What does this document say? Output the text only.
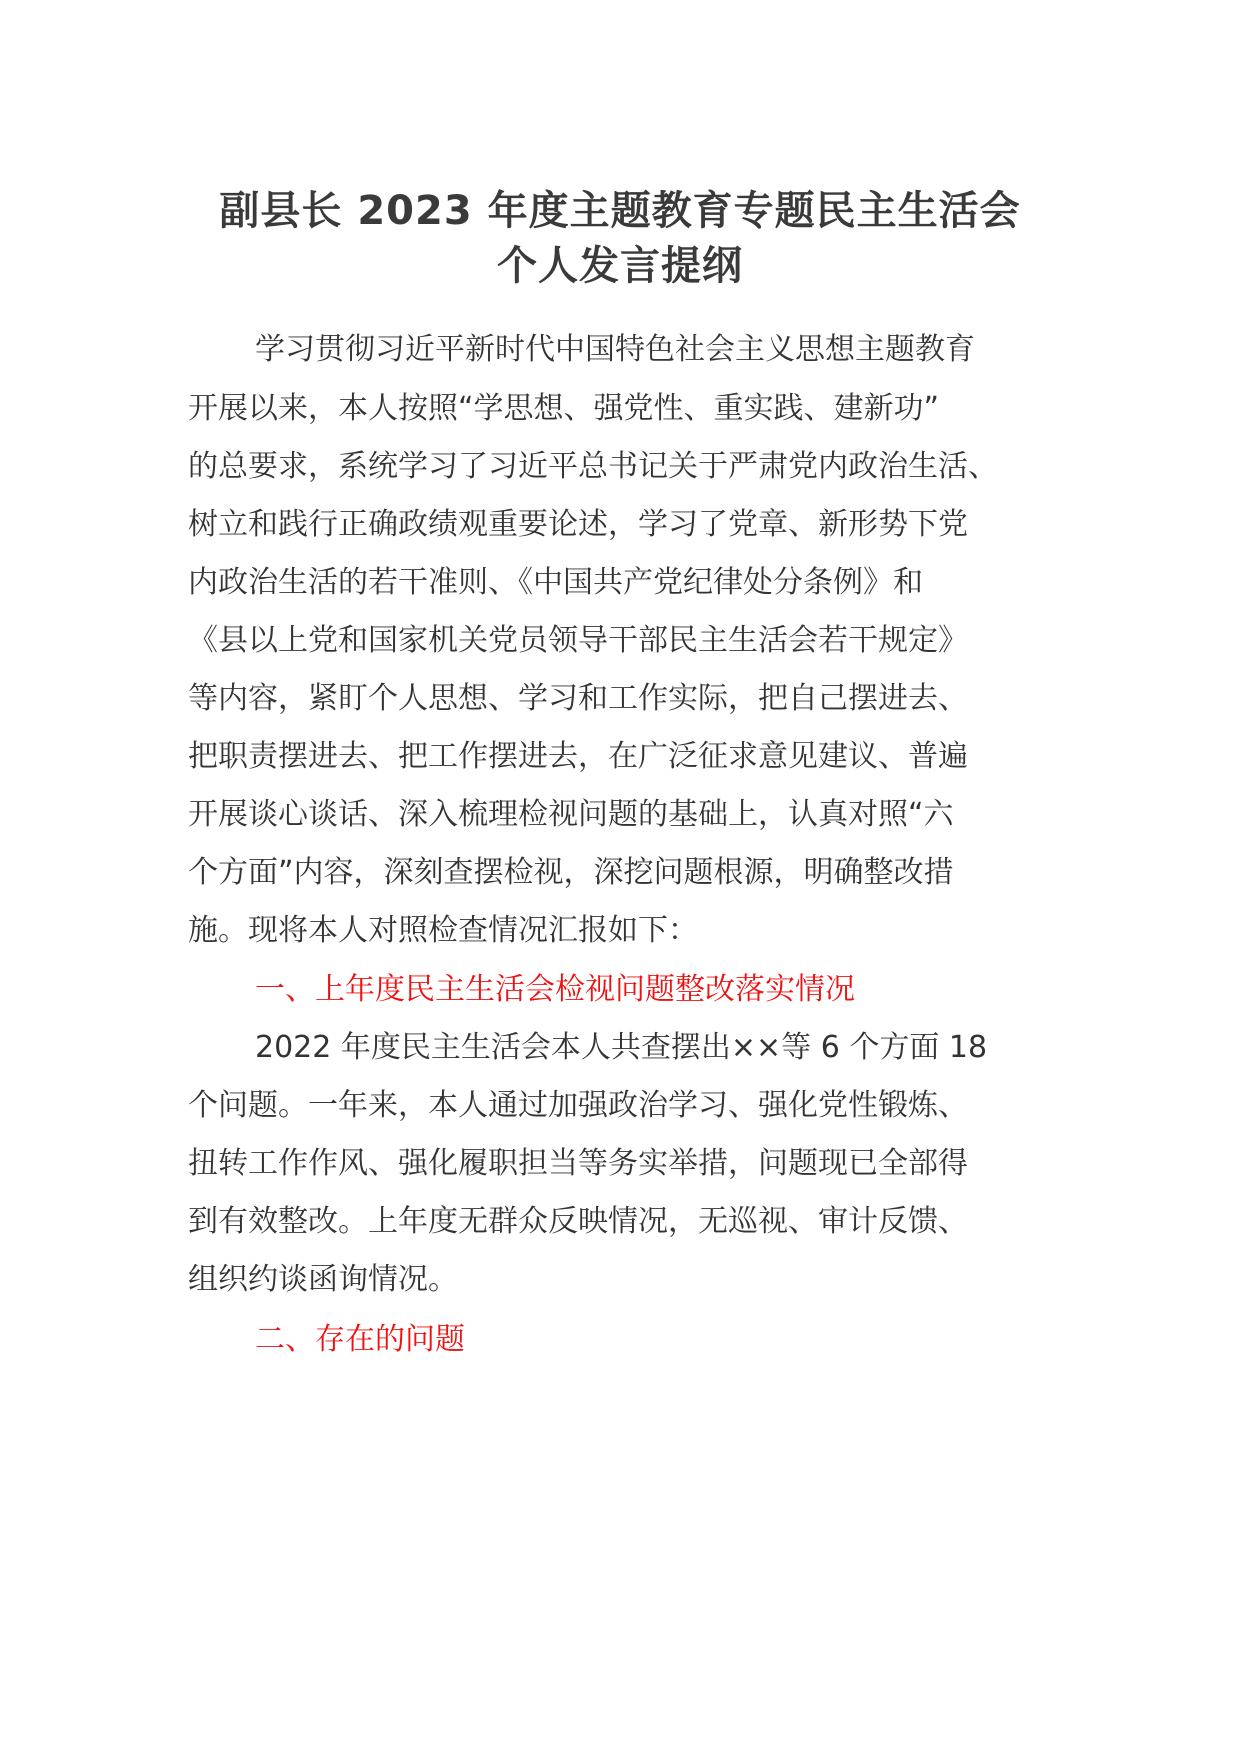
副县长 2023 年度主题教育专题民主生活会
个人发言提纲
学习贯彻习近平新时代中国特色社会主义思想主题教育
开展以来，本人按照“学思想、强党性、重实践、建新功”
的总要求，系统学习了习近平总书记关于严肃党内政治生活、
树立和践行正确政绩观重要论述，学习了党章、新形势下党
内政治生活的若干准则、《中国共产党纪律处分条例》和
《县以上党和国家机关党员领导干部民主生活会若干规定》
等内容，紧盯个人思想、学习和工作实际，把自己摆进去、
把职责摆进去、把工作摆进去，在广泛征求意见建议、普遍
开展谈心谈话、深入梳理检视问题的基础上，认真对照“六
个方面”内容，深刻查摆检视，深挖问题根源，明确整改措
施。现将本人对照检查情况汇报如下：
一、上年度民主生活会检视问题整改落实情况
2022 年度民主生活会本人共查摆出××等 6 个方面 18
个问题。一年来，本人通过加强政治学习、强化党性锻炼、
扭转工作作风、强化履职担当等务实举措，问题现已全部得
到有效整改。上年度无群众反映情况，无巡视、审计反馈、
组织约谈函询情况。
二、存在的问题
